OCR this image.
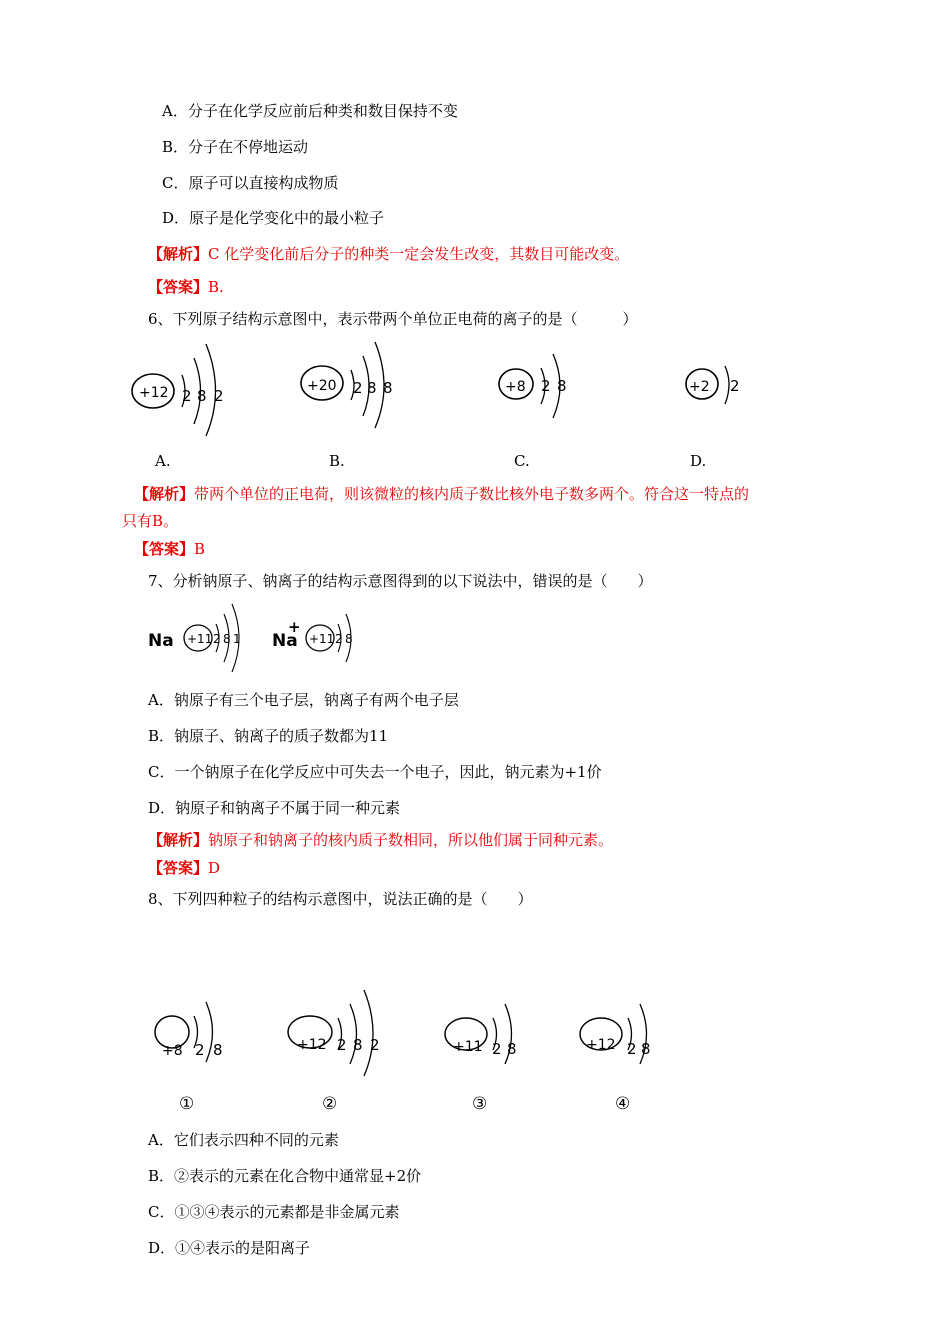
A．分子在化学反应前后种类和数目保持不变
B．分子在不停地运动
C．原子可以直接构成物质
D．原子是化学变化中的最小粒子
【解析】C 化学变化前后分子的种类一定会发生改变，其数目可能改变。
【答案】B.
6、下列原子结构示意图中，表示带两个单位正电荷的离子的是（　　　）
+12 2 8 2
+20 2 8 8	+8 2 8	+2 2
A.	B.	C.	D.
【解析】带两个单位的正电荷，则该微粒的核内质子数比核外电子数多两个。符合这一特点的
只有B。
【答案】B
7、分析钠原子、钠离子的结构示意图得到的以下说法中，错误的是（　　）
Na +11 2 8 1 Na
+
+11 2 8
A．钠原子有三个电子层，钠离子有两个电子层
B．钠原子、钠离子的质子数都为11
C．一个钠原子在化学反应中可失去一个电子，因此，钠元素为+1价
D．钠原子和钠离子不属于同一种元素
【解析】钠原子和钠离子的核内质子数相同，所以他们属于同种元素。
【答案】D
8、下列四种粒子的结构示意图中，说法正确的是（　　）
+8 2 8	+12 2 8 2	+11 2 8	+12 2 8
①	②	③	④
A．它们表示四种不同的元素
B．②表示的元素在化合物中通常显+2价
C．①③④表示的元素都是非金属元素
D．①④表示的是阳离子
